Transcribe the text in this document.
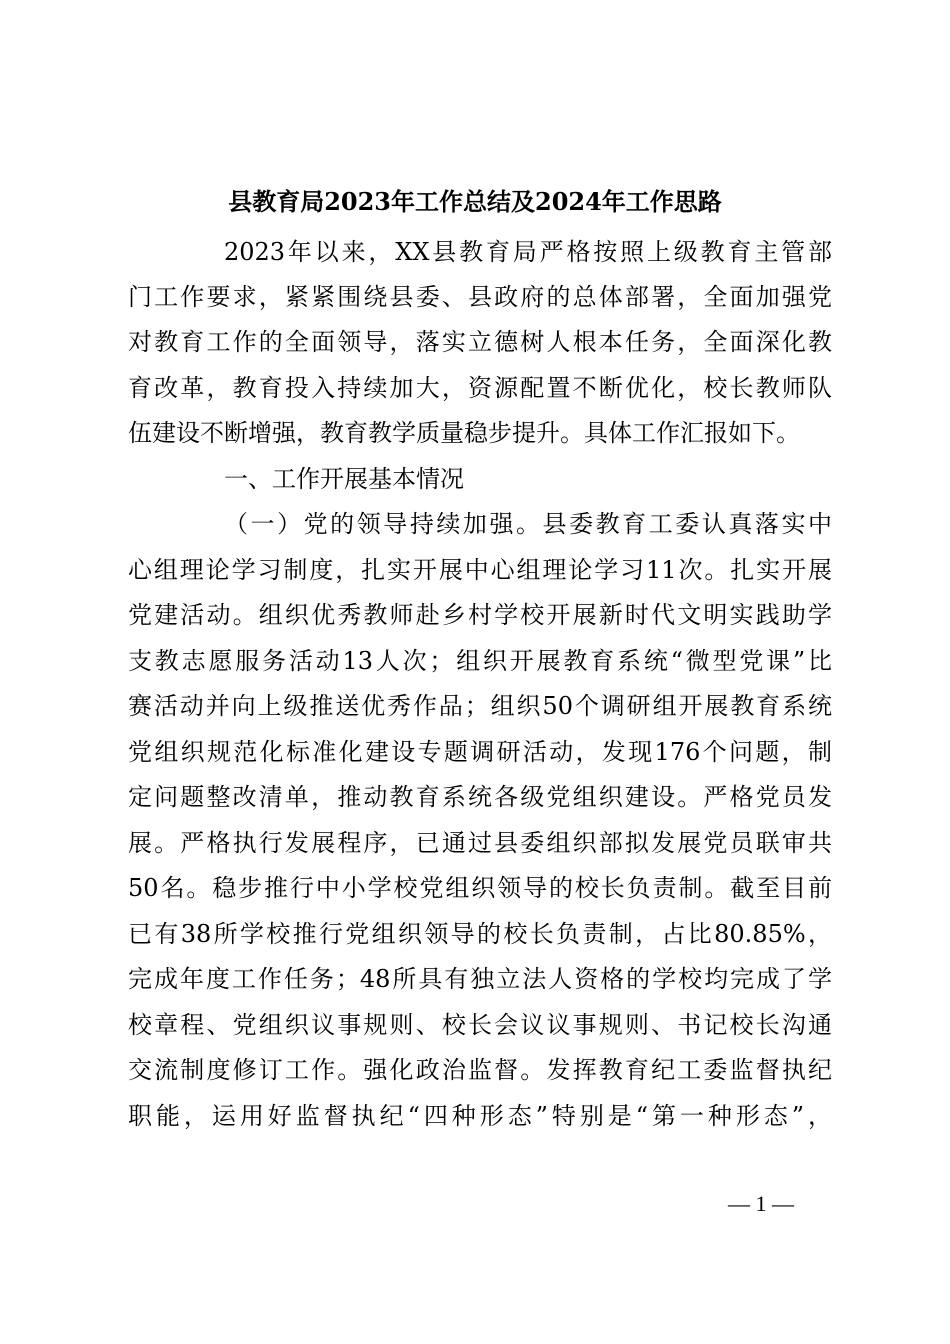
县教育局2023年工作总结及2024年工作思路
2023年以来，XX县教育局严格按照上级教育主管部
门工作要求，紧紧围绕县委、县政府的总体部署，全面加强党
对教育工作的全面领导，落实立德树人根本任务，全面深化教
育改革，教育投入持续加大，资源配置不断优化，校长教师队
伍建设不断增强，教育教学质量稳步提升。具体工作汇报如下。
一、工作开展基本情况
（一）党的领导持续加强。县委教育工委认真落实中
心组理论学习制度，扎实开展中心组理论学习11次。扎实开展
党建活动。组织优秀教师赴乡村学校开展新时代文明实践助学
支教志愿服务活动13人次；组织开展教育系统“微型党课”比
赛活动并向上级推送优秀作品；组织50个调研组开展教育系统
党组织规范化标准化建设专题调研活动，发现176个问题，制
定问题整改清单，推动教育系统各级党组织建设。严格党员发
展。严格执行发展程序，已通过县委组织部拟发展党员联审共
50名。稳步推行中小学校党组织领导的校长负责制。截至目前
已有38所学校推行党组织领导的校长负责制，占比80.85%，
完成年度工作任务；48所具有独立法人资格的学校均完成了学
校章程、党组织议事规则、校长会议议事规则、书记校长沟通
交流制度修订工作。强化政治监督。发挥教育纪工委监督执纪
职能，运用好监督执纪“四种形态”特别是“第一种形态”，
— 1 —
